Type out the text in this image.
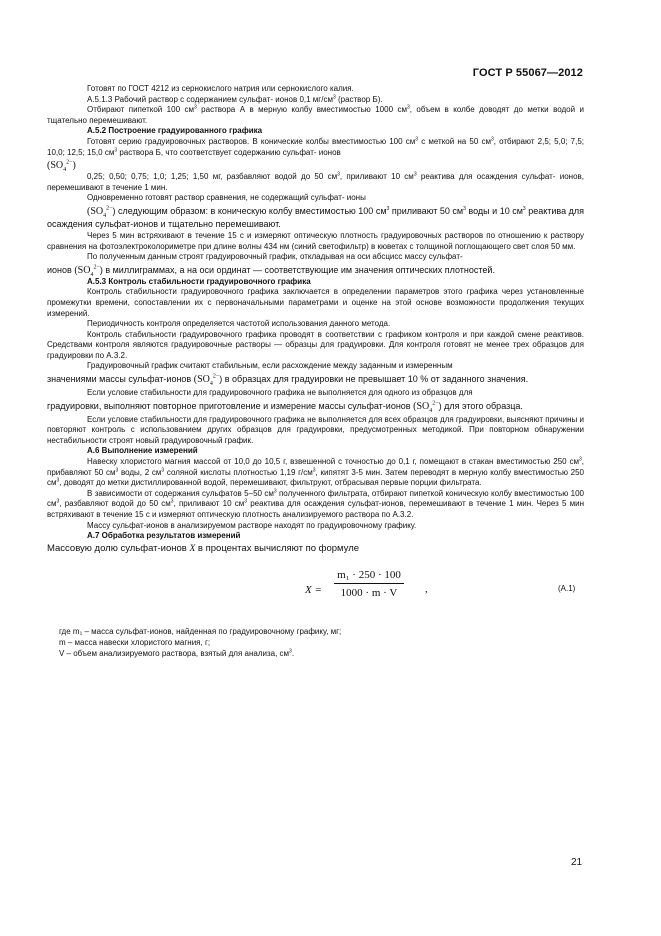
ГОСТ Р 55067—2012

Готовят по ГОСТ 4212 из сернокислого натрия или сернокислого калия.

А.5.1.3 Рабочий раствор с содержанием сульфат- ионов 0,1 $мг/см^3$ (раствор Б).

Отбирают пипеткой 100 $см^3$ раствора А в мерную колбу вместимостью 1000 $см^3$, объем в колбе доводят до метки водой и тщательно перемешивают.

А.5.2 Построение градуированного графика

Готовят серию градуировочных растворов. В конические колбы вместимостью 100 $см^3$ с меткой на 50 $см^3$, отбирают 2,5; 5,0; 7,5; 10,0; 12,5; 15,0 $см^3$ раствора Б, что соответствует содержанию сульфат- ионов

$(SO_4^{2-})$

0,25; 0,50; 0,75; 1,0; 1,25; 1,50 мг, разбавляют водой до 50 $см^3$, приливают 10 $см^3$ реактива для осаждения сульфат- ионов, перемешивают в течение 1 мин.

Одновременно готовят раствор сравнения, не содержащий сульфат- ионы

$(SO_4^{2-})$ следующим образом: в коническую колбу вместимостью 100 $см^3$ приливают 50 $см^3$ воды и 10 $см^3$ реактива для осаждения сульфат-ионов и тщательно перемешивают.

Через 5 мин встряхивают в течение 15 с и измеряют оптическую плотность градуировочных растворов по отношению к раствору сравнения на фотоэлектроколориметре при длине волны 434 нм (синий светофильтр) в кюветах с толщиной поглощающего свет слоя 50 мм.

По полученным данным строят градуировочный график, откладывая на оси абсцисс массу сульфат-

ионов $(SO_4^{2-})$ в миллиграммах, а на оси ординат — соответствующие им значения оптических плотностей.

А.5.3 Контроль стабильности градуировочного графика

Контроль стабильности градуировочного графика заключается в определении параметров этого графика через установленные промежутки времени, сопоставлении их с первоначальными параметрами и оценке на этой основе возможности продолжения текущих измерений.

Периодичность контроля определяется частотой использования данного метода.

Контроль стабильности градуировочного графика проводят в соответствии с графиком контроля и при каждой смене реактивов. Средствами контроля являются градуировочные растворы — образцы для градуировки. Для контроля готовят не менее трех образцов для градуировки по А.3.2.

Градуировочный график считают стабильным, если расхождение между заданным и измеренным

значениями массы сульфат-ионов $(SO_4^{2-})$ в образцах для градуировки не превышает 10 % от заданного значения.

Если условие стабильности для градуировочного графика не выполняется для одного из образцов для

градуировки, выполняют повторное приготовление и измерение массы сульфат-ионов $(SO_4^{2-})$ для этого образца.

Если условие стабильности для градуировочного графика не выполняется для всех образцов для градуировки, выясняют причины и повторяют контроль с использованием других образцов для градуировки, предусмотренных методикой. При повторном обнаружении нестабильности строят новый градуировочный график.

А.6 Выполнение измерений

Навеску хлористого магния массой от 10,0 до 10,5 г, взвешенной с точностью до 0,1 г, помещают в стакан вместимостью 250 $см^3$, прибавляют 50 $см^3$ воды, 2 $см^3$ соляной кислоты плотностью 1,19 $г/см^3$, кипятят 3-5 мин. Затем переводят в мерную колбу вместимостью 250 $см^3$, доводят до метки дистиллированной водой, перемешивают, фильтруют, отбрасывая первые порции фильтрата.

В зависимости от содержания сульфатов 5–50 $см^3$ полученного фильтрата, отбирают пипеткой коническую колбу вместимостью 100 $см^3$, разбавляют водой до 50 $см^3$, приливают 10 $см^3$ реактива для осаждения сульфат-ионов, перемешивают в течение 1 мин. Через 5 мин встряхивают в течение 15 с и измеряют оптическую плотность анализируемого раствора по А.3.2.

Массу сульфат-ионов в анализируемом растворе находят по градуировочному графику.

А.7 Обработка результатов измерений

Массовую долю сульфат-ионов X в процентах вычисляют по формуле

X =
m₁ · 250 · 100
1000 · m · V	,	(А.1)

где m₁ – масса сульфат-ионов, найденная по градуировочному графику, мг;

m – масса навески хлористого магния, г;

V – объем анализируемого раствора, взятый для анализа, $см^3$.

21
